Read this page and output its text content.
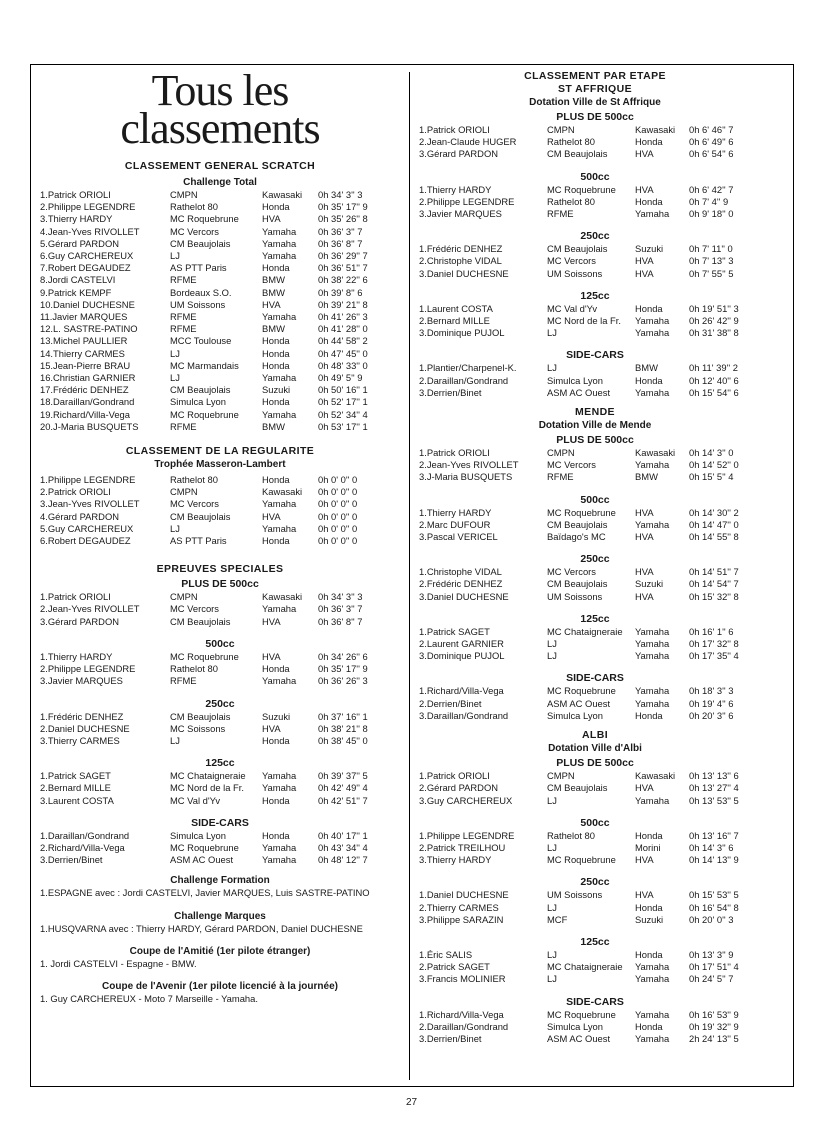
Tous les
classements
CLASSEMENT GENERAL SCRATCH
Challenge Total
1.Patrick ORIOLI	CMPN	Kawasaki	0h 34' 3'' 3
2.Philippe LEGENDRE	Rathelot 80	Honda	0h 35' 17'' 9
3.Thierry HARDY	MC Roquebrune	HVA	0h 35' 26'' 8
4.Jean-Yves RIVOLLET	MC Vercors	Yamaha	0h 36' 3'' 7
5.Gérard PARDON	CM Beaujolais	Yamaha	0h 36' 8'' 7
6.Guy CARCHEREUX	LJ	Yamaha	0h 36' 29'' 7
7.Robert DEGAUDEZ	AS PTT Paris	Honda	0h 36' 51'' 7
8.Jordi CASTELVI	RFME	BMW	0h 38' 22'' 6
9.Patrick KEMPF	Bordeaux S.O.	BMW	0h 39' 8'' 6
10.Daniel DUCHESNE	UM Soissons	HVA	0h 39' 21'' 8
11.Javier MARQUES	RFME	Yamaha	0h 41' 26'' 3
12.L. SASTRE-PATINO	RFME	BMW	0h 41' 28'' 0
13.Michel PAULLIER	MCC Toulouse	Honda	0h 44' 58'' 2
14.Thierry CARMES	LJ	Honda	0h 47' 45'' 0
15.Jean-Pierre BRAU	MC Marmandais	Honda	0h 48' 33'' 0
16.Christian GARNIER	LJ	Yamaha	0h 49' 5'' 9
17.Frédéric DENHEZ	CM Beaujolais	Suzuki	0h 50' 16'' 1
18.Daraillan/Gondrand	Simulca Lyon	Honda	0h 52' 17'' 1
19.Richard/Villa-Vega	MC Roquebrune	Yamaha	0h 52' 34'' 4
20.J-Maria BUSQUETS	RFME	BMW	0h 53' 17'' 1
CLASSEMENT DE LA REGULARITE
Trophée Masseron-Lambert
1.Philippe LEGENDRE	Rathelot 80	Honda	0h 0' 0'' 0
2.Patrick ORIOLI	CMPN	Kawasaki	0h 0' 0'' 0
3.Jean-Yves RIVOLLET	MC Vercors	Yamaha	0h 0' 0'' 0
4.Gérard PARDON	CM Beaujolais	HVA	0h 0' 0'' 0
5.Guy CARCHEREUX	LJ	Yamaha	0h 0' 0'' 0
6.Robert DEGAUDEZ	AS PTT Paris	Honda	0h 0' 0'' 0
EPREUVES SPECIALES
PLUS DE 500cc
1.Patrick ORIOLI	CMPN	Kawasaki	0h 34' 3'' 3
2.Jean-Yves RIVOLLET	MC Vercors	Yamaha	0h 36' 3'' 7
3.Gérard PARDON	CM Beaujolais	HVA	0h 36' 8'' 7
500cc
1.Thierry HARDY	MC Roquebrune	HVA	0h 34' 26'' 6
2.Philippe LEGENDRE	Rathelot 80	Honda	0h 35' 17'' 9
3.Javier MARQUES	RFME	Yamaha	0h 36' 26'' 3
250cc
1.Frédéric DENHEZ	CM Beaujolais	Suzuki	0h 37' 16'' 1
2.Daniel DUCHESNE	MC Soissons	HVA	0h 38' 21'' 8
3.Thierry CARMES	LJ	Honda	0h 38' 45'' 0
125cc
1.Patrick SAGET	MC Chataigneraie	Yamaha	0h 39' 37'' 5
2.Bernard MILLE	MC Nord de la Fr.	Yamaha	0h 42' 49'' 4
3.Laurent COSTA	MC Val d'Yv	Honda	0h 42' 51'' 7
SIDE-CARS
1.Daraillan/Gondrand	Simulca Lyon	Honda	0h 40' 17'' 1
2.Richard/Villa-Vega	MC Roquebrune	Yamaha	0h 43' 34'' 4
3.Derrien/Binet	ASM AC Ouest	Yamaha	0h 48' 12'' 7
Challenge Formation
1.ESPAGNE avec : Jordi CASTELVI, Javier MARQUES, Luis SASTRE-PATINO
Challenge Marques
1.HUSQVARNA avec : Thierry HARDY, Gérard PARDON, Daniel DUCHESNE
Coupe de l'Amitié (1er pilote étranger)
1. Jordi CASTELVI - Espagne - BMW.
Coupe de l'Avenir (1er pilote licencié à la journée)
1. Guy CARCHEREUX - Moto 7 Marseille - Yamaha.
CLASSEMENT PAR ETAPE
ST AFFRIQUE
Dotation Ville de St Affrique
PLUS DE 500cc
1.Patrick ORIOLI	CMPN	Kawasaki	0h 6' 46'' 7
2.Jean-Claude HUGER	Rathelot 80	Honda	0h 6' 49'' 6
3.Gérard PARDON	CM Beaujolais	HVA	0h 6' 54'' 6
500cc
1.Thierry HARDY	MC Roquebrune	HVA	0h 6' 42'' 7
2.Philippe LEGENDRE	Rathelot 80	Honda	0h 7' 4'' 9
3.Javier MARQUES	RFME	Yamaha	0h 9' 18'' 0
250cc
1.Frédéric DENHEZ	CM Beaujolais	Suzuki	0h 7' 11'' 0
2.Christophe VIDAL	MC Vercors	HVA	0h 7' 13'' 3
3.Daniel DUCHESNE	UM Soissons	HVA	0h 7' 55'' 5
125cc
1.Laurent COSTA	MC Val d'Yv	Honda	0h 19' 51'' 3
2.Bernard MILLE	MC Nord de la Fr.	Yamaha	0h 26' 42'' 9
3.Dominique PUJOL	LJ	Yamaha	0h 31' 38'' 8
SIDE-CARS
1.Plantier/Charpenel-K.	LJ	BMW	0h 11' 39'' 2
2.Daraillan/Gondrand	Simulca Lyon	Honda	0h 12' 40'' 6
3.Derrien/Binet	ASM AC Ouest	Yamaha	0h 15' 54'' 6
MENDE
Dotation Ville de Mende
PLUS DE 500cc
1.Patrick ORIOLI	CMPN	Kawasaki	0h 14' 3'' 0
2.Jean-Yves RIVOLLET	MC Vercors	Yamaha	0h 14' 52'' 0
3.J-Maria BUSQUETS	RFME	BMW	0h 15' 5'' 4
500cc
1.Thierry HARDY	MC Roquebrune	HVA	0h 14' 30'' 2
2.Marc DUFOUR	CM Beaujolais	Yamaha	0h 14' 47'' 0
3.Pascal VERICEL	Baïdago's MC	HVA	0h 14' 55'' 8
250cc
1.Christophe VIDAL	MC Vercors	HVA	0h 14' 51'' 7
2.Frédéric DENHEZ	CM Beaujolais	Suzuki	0h 14' 54'' 7
3.Daniel DUCHESNE	UM Soissons	HVA	0h 15' 32'' 8
125cc
1.Patrick SAGET	MC Chataigneraie	Yamaha	0h 16' 1'' 6
2.Laurent GARNIER	LJ	Yamaha	0h 17' 32'' 8
3.Dominique PUJOL	LJ	Yamaha	0h 17' 35'' 4
SIDE-CARS
1.Richard/Villa-Vega	MC Roquebrune	Yamaha	0h 18' 3'' 3
2.Derrien/Binet	ASM AC Ouest	Yamaha	0h 19' 4'' 6
3.Daraillan/Gondrand	Simulca Lyon	Honda	0h 20' 3'' 6
ALBI
Dotation Ville d'Albi
PLUS DE 500cc
1.Patrick ORIOLI	CMPN	Kawasaki	0h 13' 13'' 6
2.Gérard PARDON	CM Beaujolais	HVA	0h 13' 27'' 4
3.Guy CARCHEREUX	LJ	Yamaha	0h 13' 53'' 5
500cc
1.Philippe LEGENDRE	Rathelot 80	Honda	0h 13' 16'' 7
2.Patrick TREILHOU	LJ	Morini	0h 14' 3'' 6
3.Thierry HARDY	MC Roquebrune	HVA	0h 14' 13'' 9
250cc
1.Daniel DUCHESNE	UM Soissons	HVA	0h 15' 53'' 5
2.Thierry CARMES	LJ	Honda	0h 16' 54'' 8
3.Philippe SARAZIN	MCF	Suzuki	0h 20' 0'' 3
125cc
1.Éric SALIS	LJ	Honda	0h 13' 3'' 9
2.Patrick SAGET	MC Chataigneraie	Yamaha	0h 17' 51'' 4
3.Francis MOLINIER	LJ	Yamaha	0h 24' 5'' 7
SIDE-CARS
1.Richard/Villa-Vega	MC Roquebrune	Yamaha	0h 16' 53'' 9
2.Daraillan/Gondrand	Simulca Lyon	Honda	0h 19' 32'' 9
3.Derrien/Binet	ASM AC Ouest	Yamaha	2h 24' 13'' 5
27
